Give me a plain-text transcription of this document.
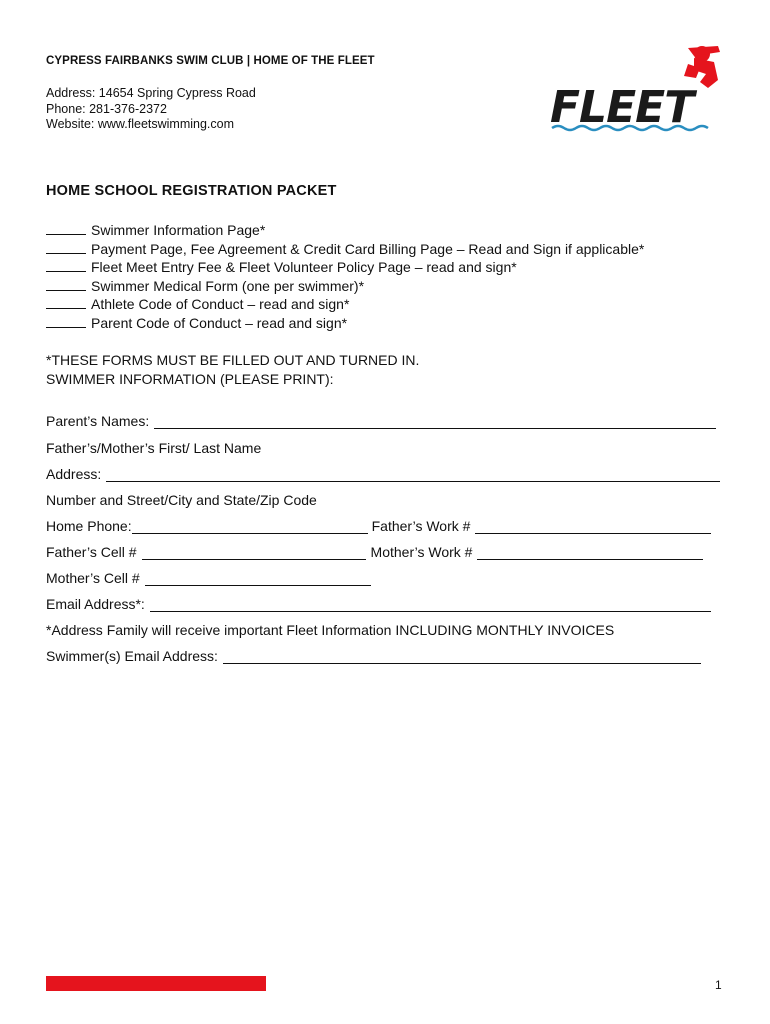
CYPRESS FAIRBANKS SWIM CLUB | HOME OF THE FLEET
Address: 14654 Spring Cypress Road
Phone: 281-376-2372
Website: www.fleetswimming.com	FLEET
HOME SCHOOL REGISTRATION PACKET
Swimmer Information Page*
Payment Page, Fee Agreement & Credit Card Billing Page – Read and Sign if applicable*
Fleet Meet Entry Fee & Fleet Volunteer Policy Page – read and sign*
Swimmer Medical Form (one per swimmer)*
Athlete Code of Conduct – read and sign*
Parent Code of Conduct – read and sign*
*THESE FORMS MUST BE FILLED OUT AND TURNED IN.
SWIMMER INFORMATION (PLEASE PRINT):
Parent’s Names:
Father’s/Mother’s First/ Last Name
Address:
Number and Street/City and State/Zip Code
Home Phone:	Father’s Work #
Father’s Cell #	Mother’s Work #
Mother’s Cell #
Email Address*:
*Address Family will receive important Fleet Information INCLUDING MONTHLY INVOICES
Swimmer(s) Email Address:
1
